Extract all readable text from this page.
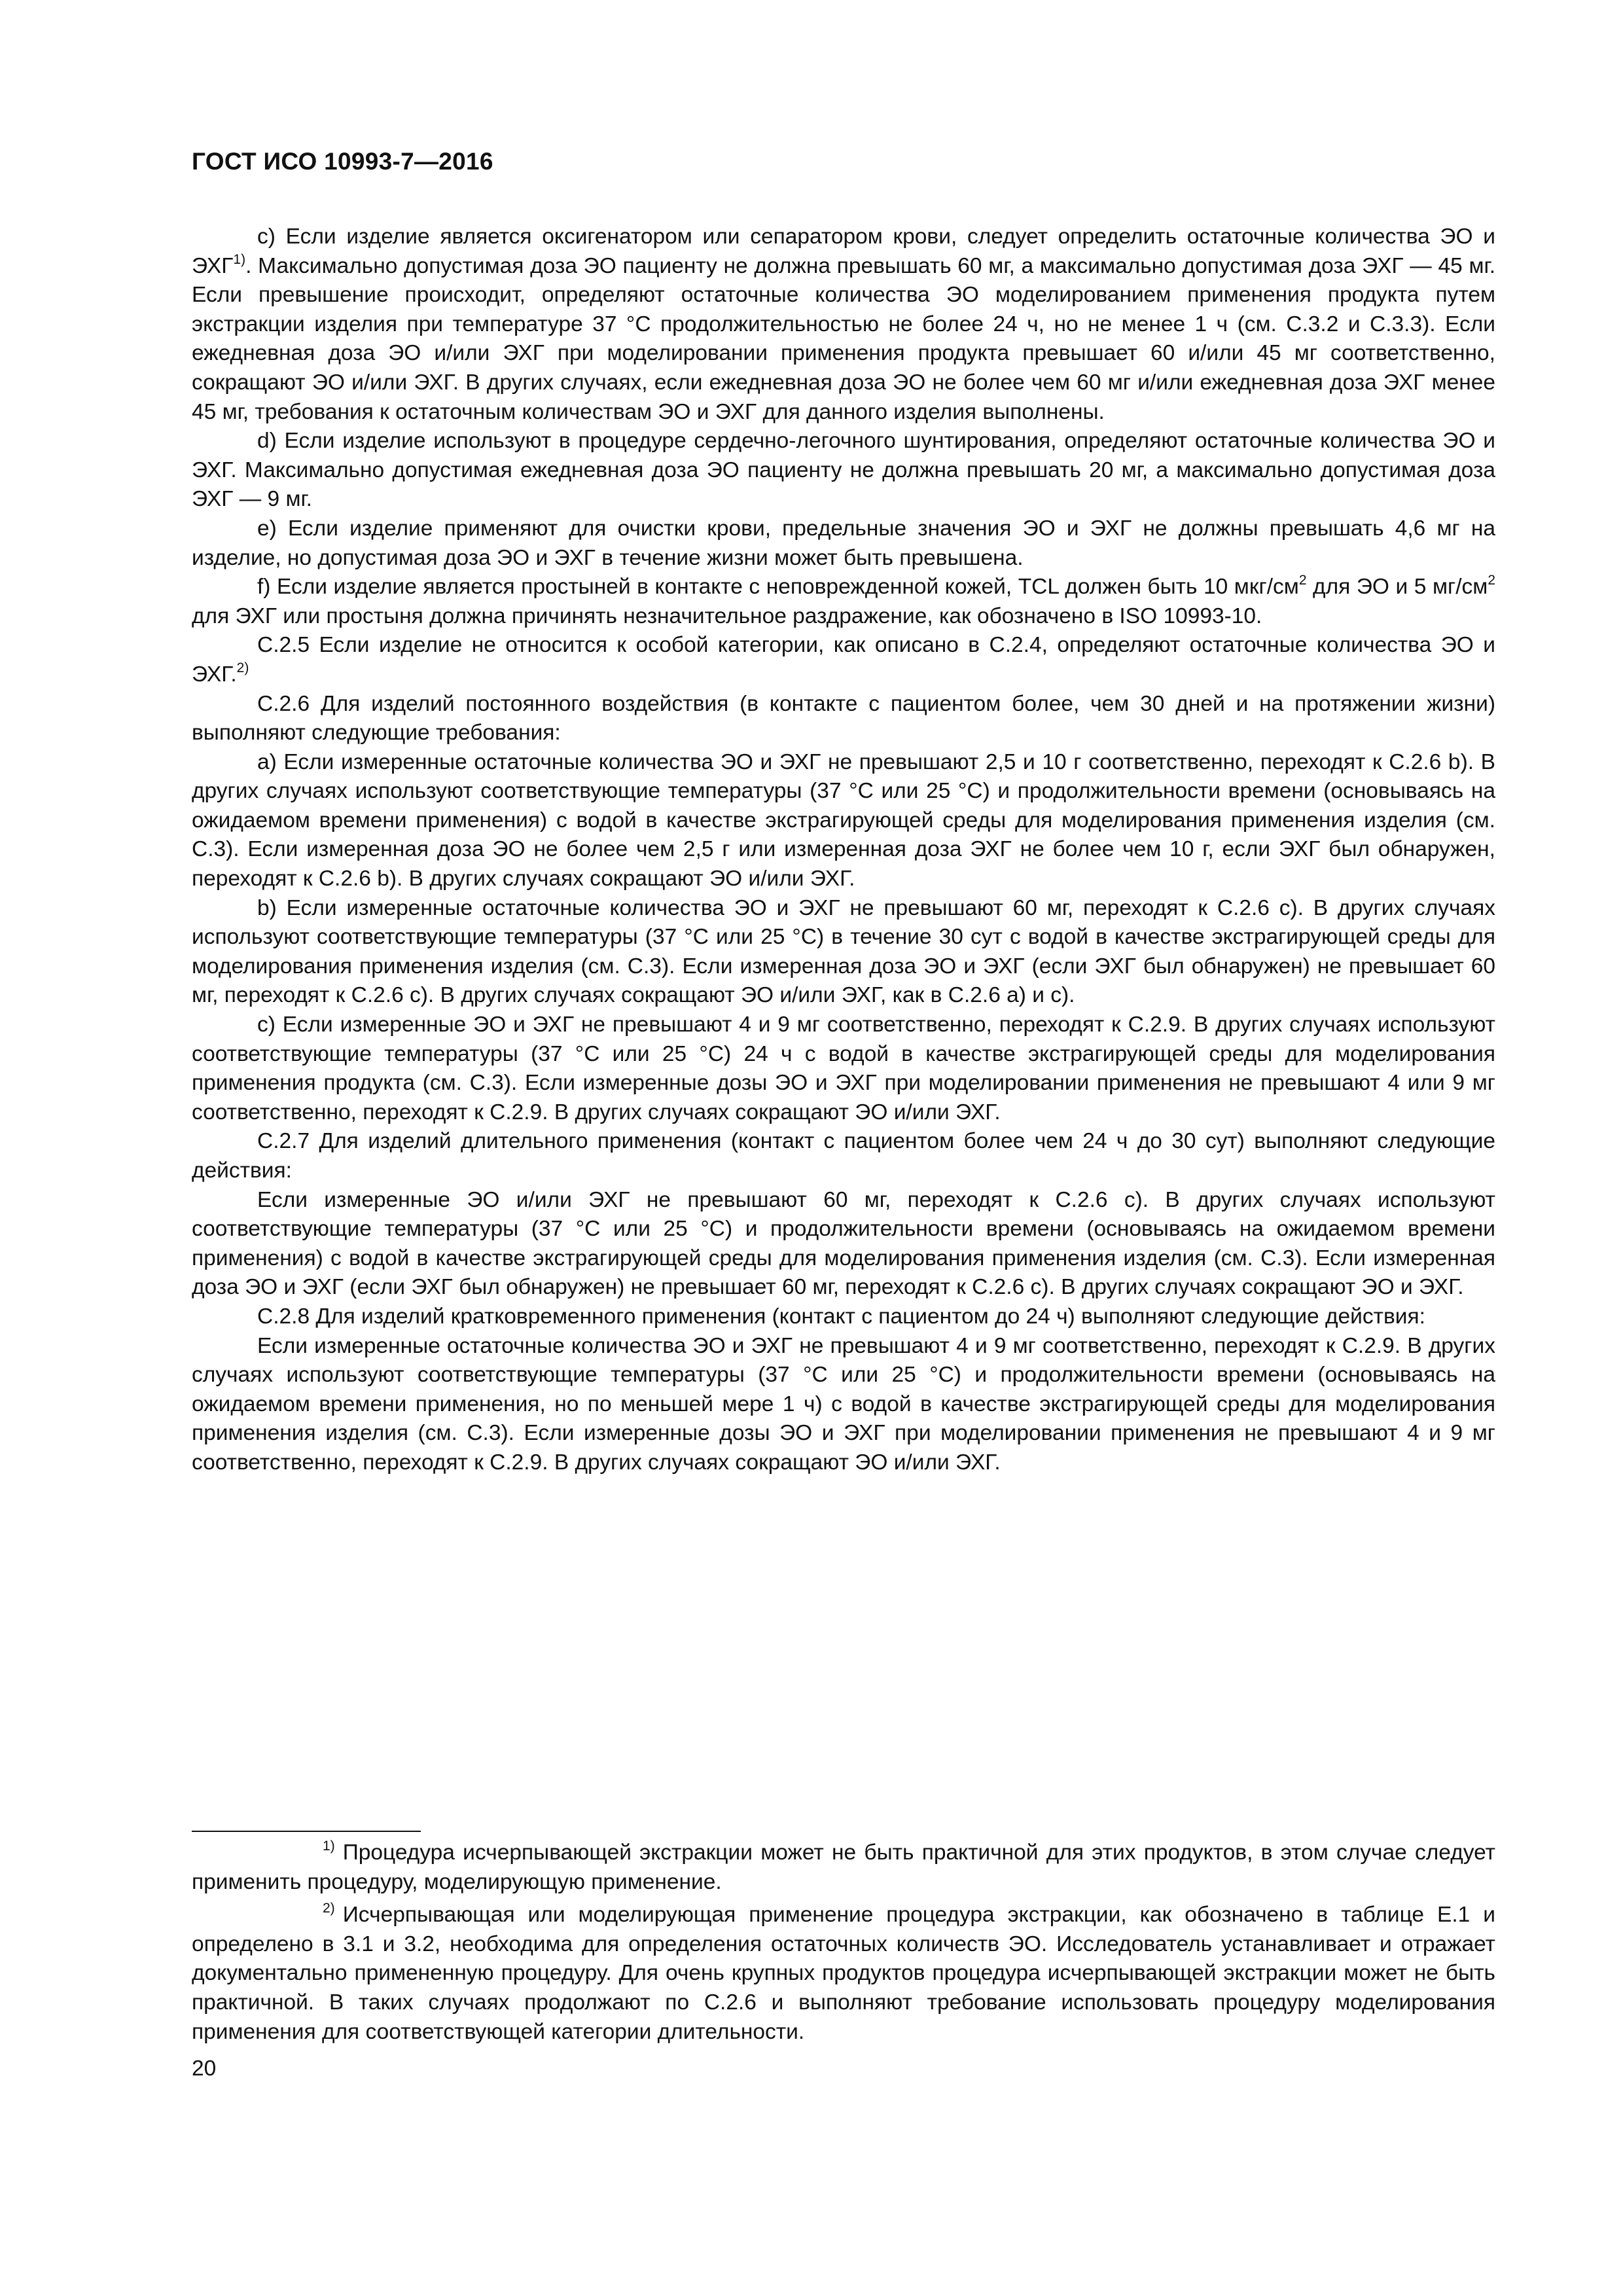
ГОСТ ИСО 10993-7—2016

c) Если изделие является оксигенатором или сепаратором крови, следует определить остаточные количества ЭО и ЭХГ$^{1)}$. Максимально допустимая доза ЭО пациенту не должна превышать 60 мг, а максимально допустимая доза ЭХГ — 45 мг. Если превышение происходит, определяют остаточные количества ЭО моделированием применения продукта путем экстракции изделия при температуре 37 °С продолжительностью не более 24 ч, но не менее 1 ч (см. С.3.2 и С.3.3). Если ежедневная доза ЭО и/или ЭХГ при моделировании применения продукта превышает 60 и/или 45 мг соответственно, сокращают ЭО и/или ЭХГ. В других случаях, если ежедневная доза ЭО не более чем 60 мг и/или ежедневная доза ЭХГ менее 45 мг, требования к остаточным количествам ЭО и ЭХГ для данного изделия выполнены.

d) Если изделие используют в процедуре сердечно-легочного шунтирования, определяют остаточные количества ЭО и ЭХГ. Максимально допустимая ежедневная доза ЭО пациенту не должна превышать 20 мг, а максимально допустимая доза ЭХГ — 9 мг.

е) Если изделие применяют для очистки крови, предельные значения ЭО и ЭХГ не должны превышать 4,6 мг на изделие, но допустимая доза ЭО и ЭХГ в течение жизни может быть превышена.

f) Если изделие является простыней в контакте с неповрежденной кожей, TCL должен быть 10 мкг/$см^2$ для ЭО и 5 $мг/см^2$ для ЭХГ или простыня должна причинять незначительное раздражение, как обозначено в ISO 10993-10.

С.2.5 Если изделие не относится к особой категории, как описано в С.2.4, определяют остаточные количества ЭО и ЭХГ.$^{2)}$

С.2.6 Для изделий постоянного воздействия (в контакте с пациентом более, чем 30 дней и на протяжении жизни) выполняют следующие требования:

а) Если измеренные остаточные количества ЭО и ЭХГ не превышают 2,5 и 10 г соответственно, переходят к С.2.6 b). В других случаях используют соответствующие температуры (37 °С или 25 °С) и продолжительности времени (основываясь на ожидаемом времени применения) с водой в качестве экстрагирующей среды для моделирования применения изделия (см. С.3). Если измеренная доза ЭО не более чем 2,5 г или измеренная доза ЭХГ не более чем 10 г, если ЭХГ был обнаружен, переходят к С.2.6 b). В других случаях сокращают ЭО и/или ЭХГ.

b) Если измеренные остаточные количества ЭО и ЭХГ не превышают 60 мг, переходят к С.2.6 с). В других случаях используют соответствующие температуры (37 °С или 25 °С) в течение 30 сут с водой в качестве экстрагирующей среды для моделирования применения изделия (см. С.3). Если измеренная доза ЭО и ЭХГ (если ЭХГ был обнаружен) не превышает 60 мг, переходят к С.2.6 с). В других случаях сокращают ЭО и/или ЭХГ, как в С.2.6 а) и с).

с) Если измеренные ЭО и ЭХГ не превышают 4 и 9 мг соответственно, переходят к С.2.9. В других случаях используют соответствующие температуры (37 °С или 25 °С) 24 ч с водой в качестве экстрагирующей среды для моделирования применения продукта (см. С.3). Если измеренные дозы ЭО и ЭХГ при моделировании применения не превышают 4 или 9 мг соответственно, переходят к С.2.9. В других случаях сокращают ЭО и/или ЭХГ.

С.2.7 Для изделий длительного применения (контакт с пациентом более чем 24 ч до 30 сут) выполняют следующие действия:

Если измеренные ЭО и/или ЭХГ не превышают 60 мг, переходят к С.2.6 с). В других случаях используют соответствующие температуры (37 °С или 25 °С) и продолжительности времени (основываясь на ожидаемом времени применения) с водой в качестве экстрагирующей среды для моделирования применения изделия (см. С.3). Если измеренная доза ЭО и ЭХГ (если ЭХГ был обнаружен) не превышает 60 мг, переходят к С.2.6 с). В других случаях сокращают ЭО и ЭХГ.

С.2.8 Для изделий кратковременного применения (контакт с пациентом до 24 ч) выполняют следующие действия:

Если измеренные остаточные количества ЭО и ЭХГ не превышают 4 и 9 мг соответственно, переходят к С.2.9. В других случаях используют соответствующие температуры (37 °С или 25 °С) и продолжительности времени (основываясь на ожидаемом времени применения, но по меньшей мере 1 ч) с водой в качестве экстрагирующей среды для моделирования применения изделия (см. С.3). Если измеренные дозы ЭО и ЭХГ при моделировании применения не превышают 4 и 9 мг соответственно, переходят к С.2.9. В других случаях сокращают ЭО и/или ЭХГ.

$^{1)}$ Процедура исчерпывающей экстракции может не быть практичной для этих продуктов, в этом случае следует применить процедуру, моделирующую применение.

$^{2)}$ Исчерпывающая или моделирующая применение процедура экстракции, как обозначено в таблице Е.1 и определено в 3.1 и 3.2, необходима для определения остаточных количеств ЭО. Исследователь устанавливает и отражает документально примененную процедуру. Для очень крупных продуктов процедура исчерпывающей экстракции может не быть практичной. В таких случаях продолжают по С.2.6 и выполняют требование использовать процедуру моделирования применения для соответствующей категории длительности.

20
